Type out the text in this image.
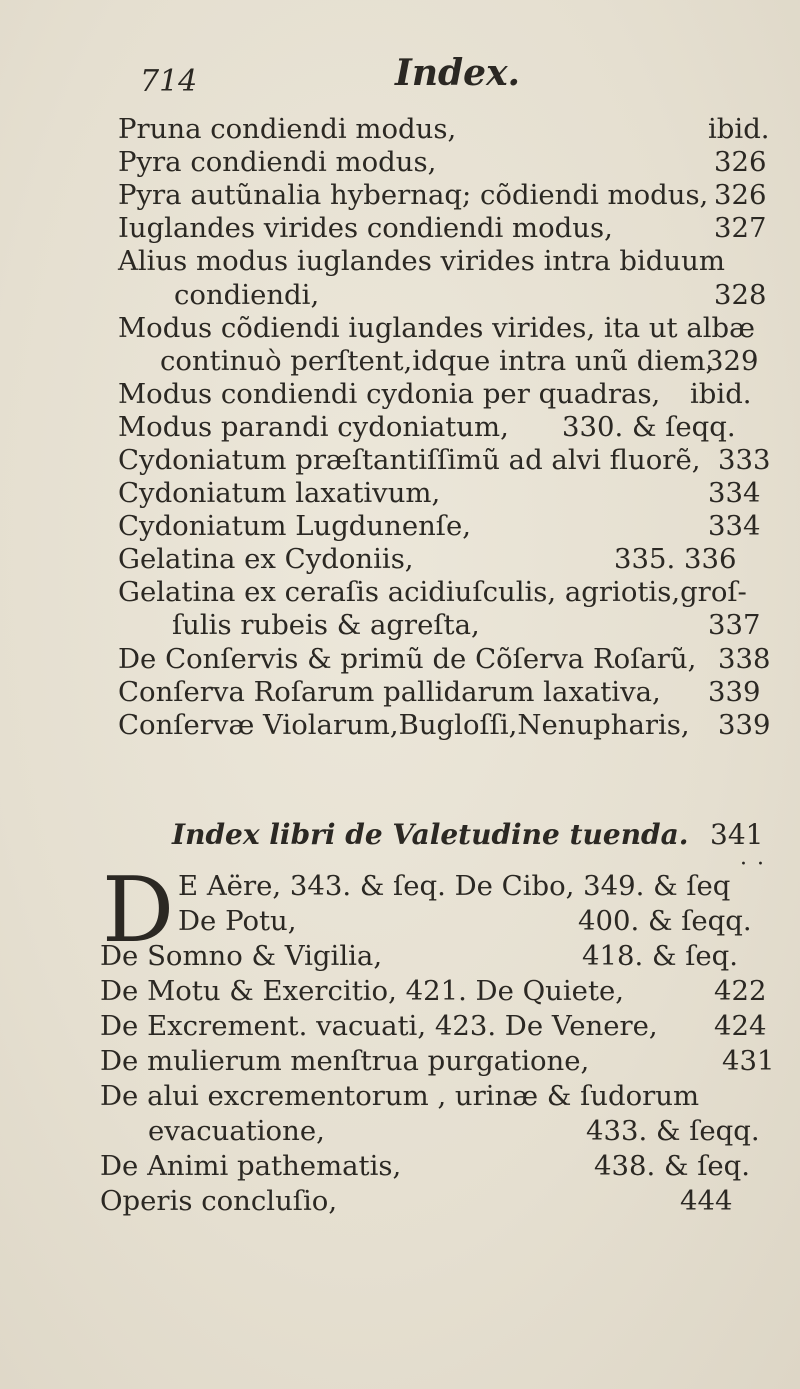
714	Index.
Pruna condiendi modus,	ibid.
Pyra condiendi modus,	326
Pyra autũnalia hybernaq; cõdiendi modus, 326
Iuglandes virides condiendi modus,	327
Alius modus iuglandes virides intra biduum
condiendi,	328
Modus cõdiendi iuglandes virides, ita ut albæ
continuò perſtent,idque intra unũ diem,
329
Modus condiendi cydonia per quadras, ibid.
Modus parandi cydoniatum, 330. & ſeqq.
Cydoniatum præſtantiſſimũ ad alvi fluorẽ, 333
Cydoniatum laxativum,	334
Cydoniatum Lugdunenſe,	334
Gelatina ex Cydoniis,	335. 336
Gelatina ex ceraſis acidiuſculis, agriotis,groſ-
ſulis rubeis & agreſta,	337
De Conſervis & primũ de Cõſerva Roſarũ, 338
Conſerva Roſarum pallidarum laxativa, 339
Conſervæ Violarum,Bugloſſi,Nenupharis, 339
Index libri de Valetudine tuenda. 341
··
D E Aëre, 343. & ſeq. De Cibo, 349. & ſeq
De Potu,	400. & ſeqq.
De Somno & Vigilia,	418. & ſeq.
De Motu & Exercitio, 421. De Quiete,	422
De Excrement. vacuati, 423. De Venere, 424
De mulierum menſtrua purgatione,	431
De alui excrementorum , urinæ & ſudorum
evacuatione,	433. & ſeqq.
De Animi pathematis,	438. & ſeq.
Operis concluſio,	444
